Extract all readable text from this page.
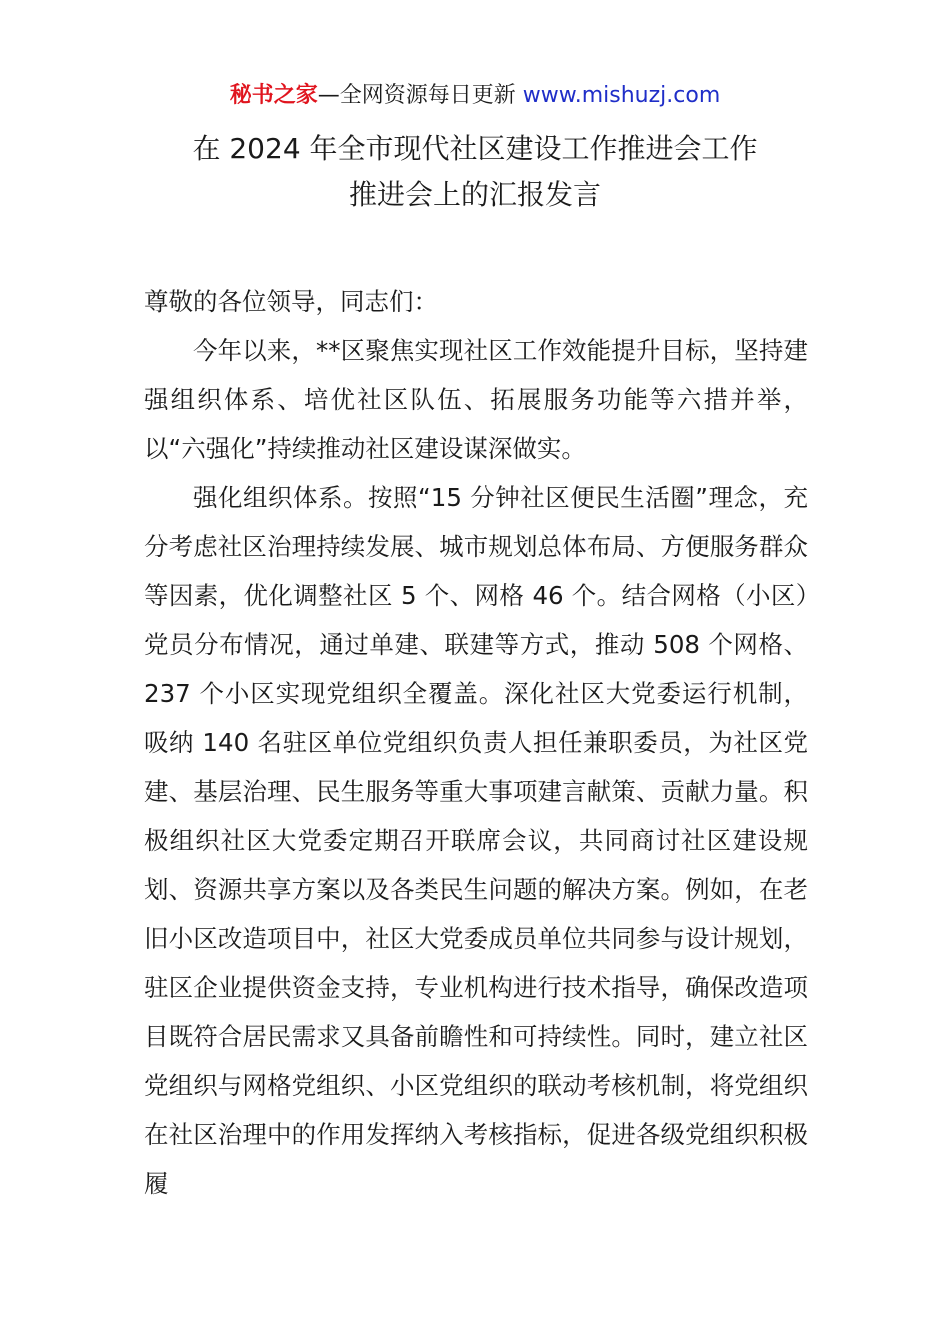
秘书之家—全网资源每日更新 www.mishuzj.com
在 2024 年全市现代社区建设工作推进会工作
推进会上的汇报发言

尊敬的各位领导，同志们：

今年以来，**区聚焦实现社区工作效能提升目标，坚持建强组织体系、培优社区队伍、拓展服务功能等六措并举，以“六强化”持续推动社区建设谋深做实。

强化组织体系。按照“15 分钟社区便民生活圈”理念，充分考虑社区治理持续发展、城市规划总体布局、方便服务群众等因素，优化调整社区 5 个、网格 46 个。结合网格（小区）党员分布情况，通过单建、联建等方式，推动 508 个网格、237 个小区实现党组织全覆盖。深化社区大党委运行机制，吸纳 140 名驻区单位党组织负责人担任兼职委员，为社区党建、基层治理、民生服务等重大事项建言献策、贡献力量。积极组织社区大党委定期召开联席会议，共同商讨社区建设规划、资源共享方案以及各类民生问题的解决方案。例如，在老旧小区改造项目中，社区大党委成员单位共同参与设计规划，驻区企业提供资金支持，专业机构进行技术指导，确保改造项目既符合居民需求又具备前瞻性和可持续性。同时，建立社区党组织与网格党组织、小区党组织的联动考核机制，将党组织在社区治理中的作用发挥纳入考核指标，促进各级党组织积极履
